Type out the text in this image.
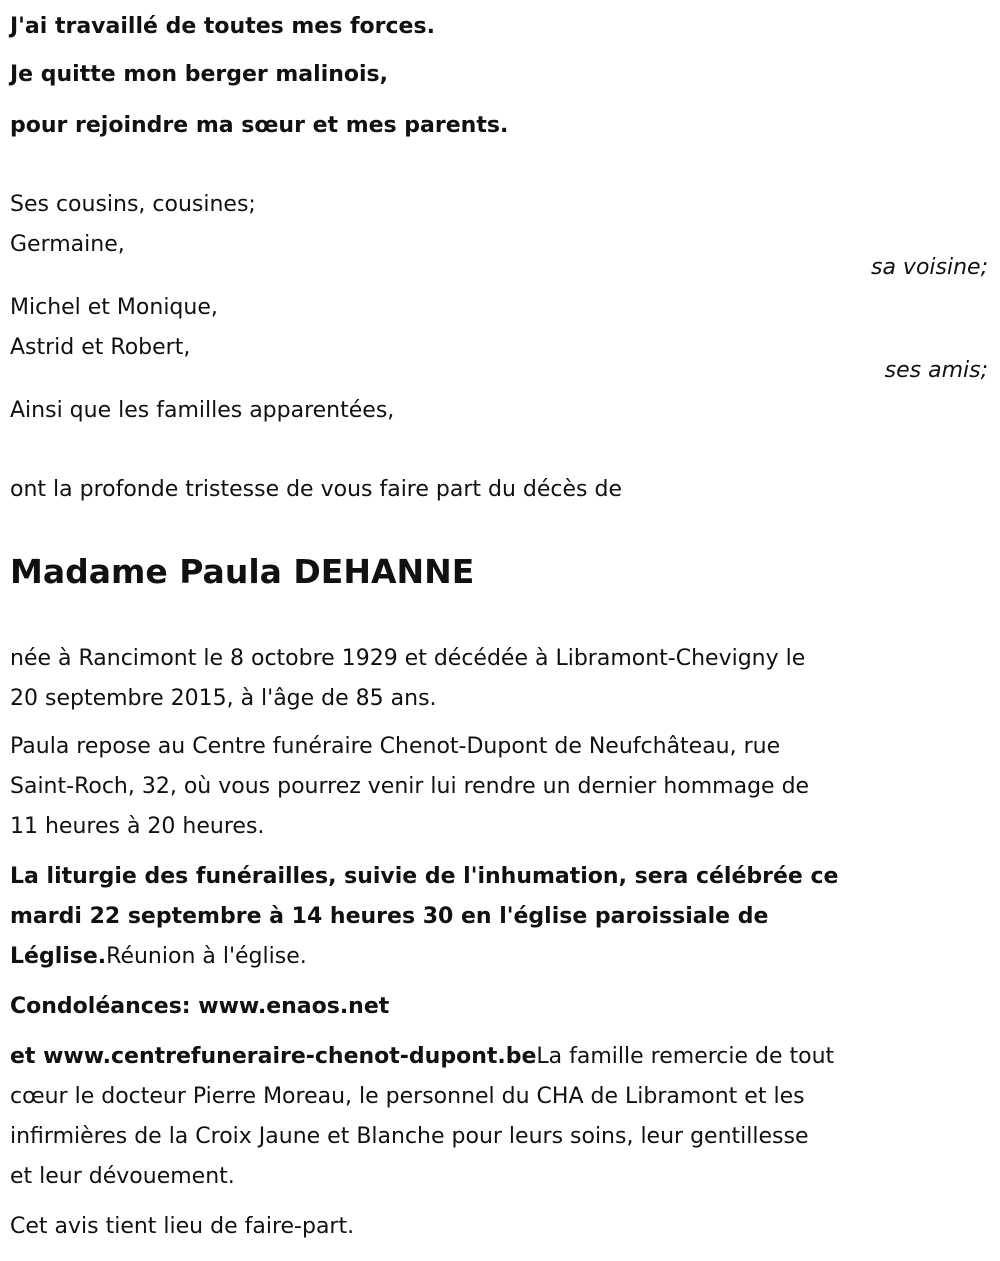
J'ai travaillé de toutes mes forces.
Je quitte mon berger malinois,
pour rejoindre ma sœur et mes parents.
Ses cousins, cousines;
Germaine,
sa voisine;
Michel et Monique,
Astrid et Robert,
ses amis;
Ainsi que les familles apparentées,
ont la profonde tristesse de vous faire part du décès de
Madame Paula DEHANNE
née à Rancimont le 8 octobre 1929 et décédée à Libramont-Chevigny le
20 septembre 2015, à l'âge de 85 ans.
Paula repose au Centre funéraire Chenot-Dupont de Neufchâteau, rue
Saint-Roch, 32, où vous pourrez venir lui rendre un dernier hommage de
11 heures à 20 heures.
La liturgie des funérailles, suivie de l'inhumation, sera célébrée ce
mardi 22 septembre à 14 heures 30 en l'église paroissiale de
Léglise.Réunion à l'église.
Condoléances: www.enaos.net
et www.centrefuneraire-chenot-dupont.beLa famille remercie de tout
cœur le docteur Pierre Moreau, le personnel du CHA de Libramont et les
infirmières de la Croix Jaune et Blanche pour leurs soins, leur gentillesse
et leur dévouement.
Cet avis tient lieu de faire-part.
